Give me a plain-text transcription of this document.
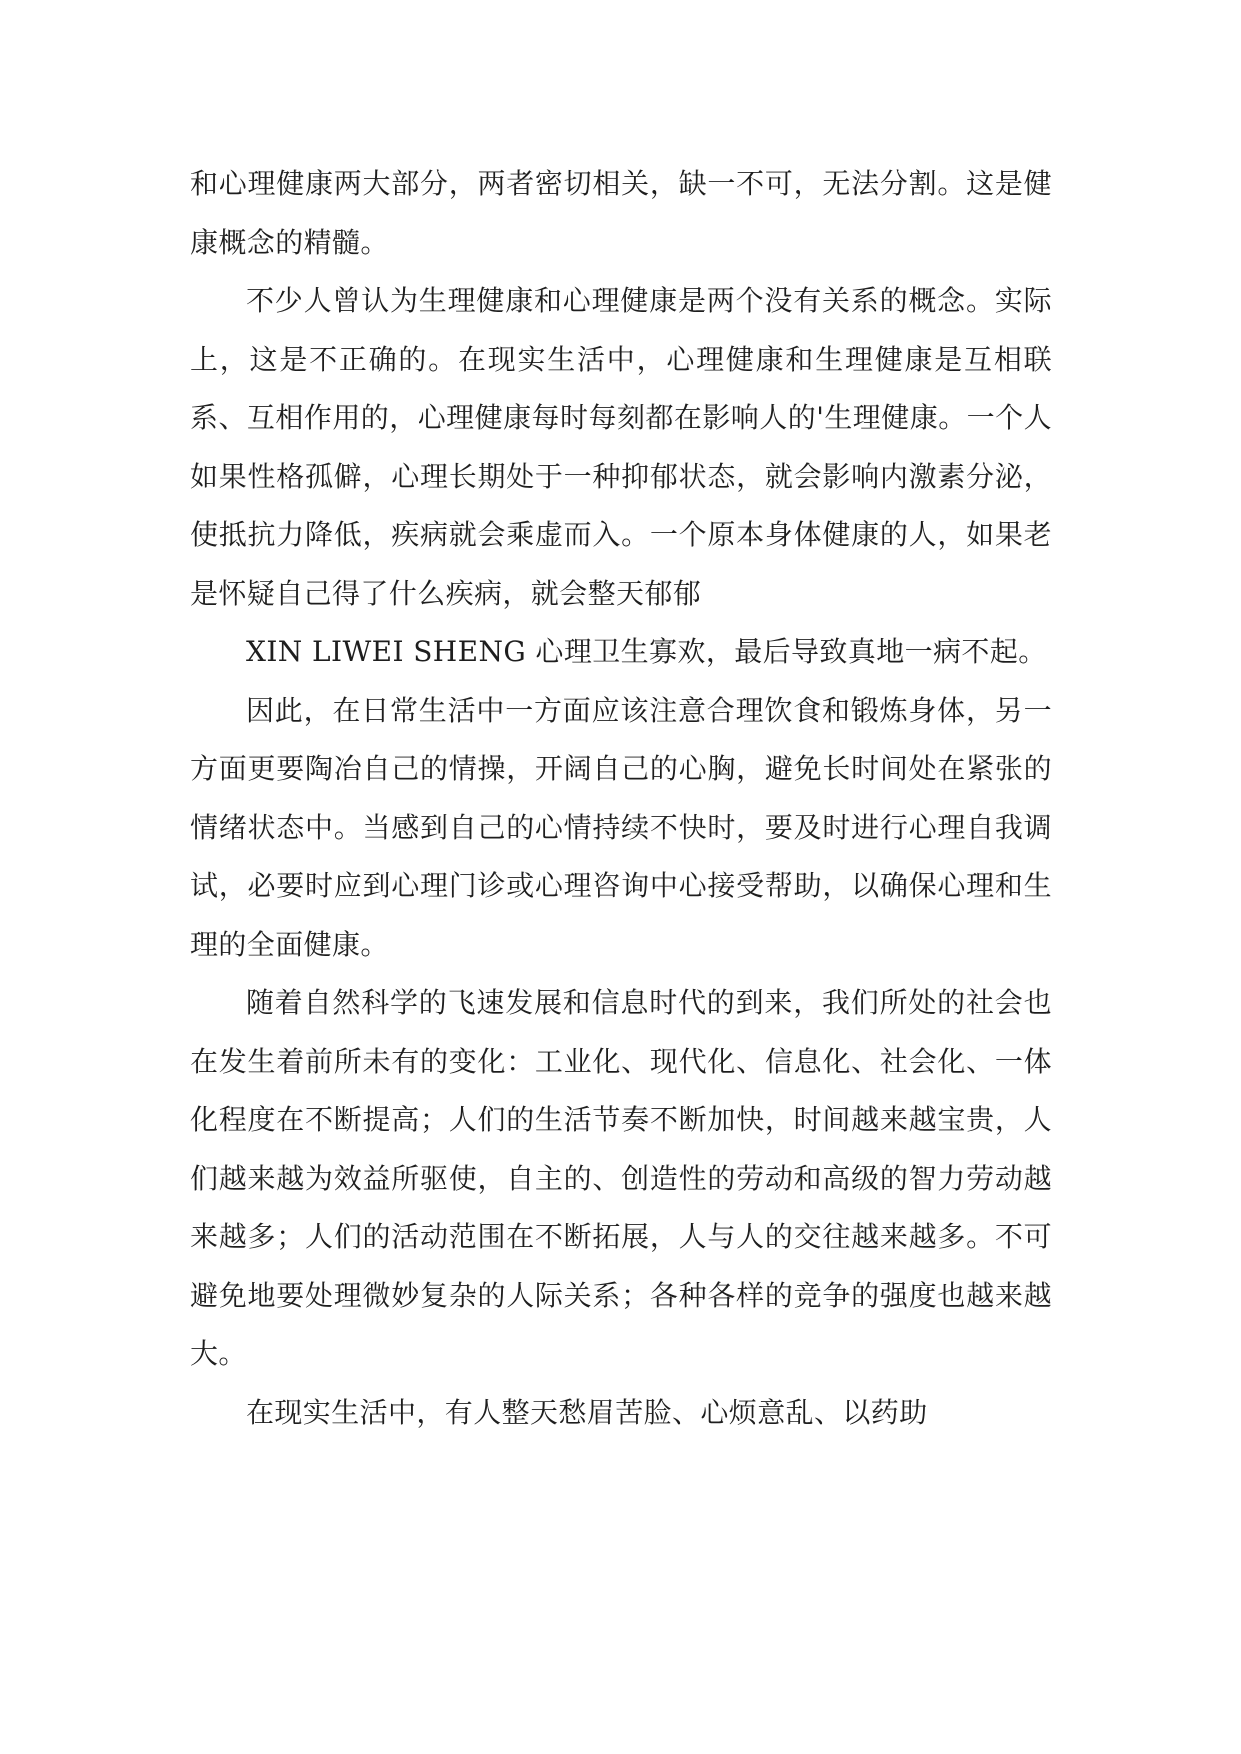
和心理健康两大部分，两者密切相关，缺一不可，无法分割。这是健康概念的精髓。

不少人曾认为生理健康和心理健康是两个没有关系的概念。实际上，这是不正确的。在现实生活中，心理健康和生理健康是互相联系、互相作用的，心理健康每时每刻都在影响人的'生理健康。一个人如果性格孤僻，心理长期处于一种抑郁状态，就会影响内激素分泌，使抵抗力降低，疾病就会乘虚而入。一个原本身体健康的人，如果老是怀疑自己得了什么疾病，就会整天郁郁

XIN LIWEI SHENG 心理卫生寡欢，最后导致真地一病不起。

因此，在日常生活中一方面应该注意合理饮食和锻炼身体，另一方面更要陶冶自己的情操，开阔自己的心胸，避免长时间处在紧张的情绪状态中。当感到自己的心情持续不快时，要及时进行心理自我调试，必要时应到心理门诊或心理咨询中心接受帮助，以确保心理和生理的全面健康。

随着自然科学的飞速发展和信息时代的到来，我们所处的社会也在发生着前所未有的变化：工业化、现代化、信息化、社会化、一体化程度在不断提高；人们的生活节奏不断加快，时间越来越宝贵，人们越来越为效益所驱使，自主的、创造性的劳动和高级的智力劳动越来越多；人们的活动范围在不断拓展，人与人的交往越来越多。不可避免地要处理微妙复杂的人际关系；各种各样的竞争的强度也越来越大。

在现实生活中，有人整天愁眉苦脸、心烦意乱、以药助
